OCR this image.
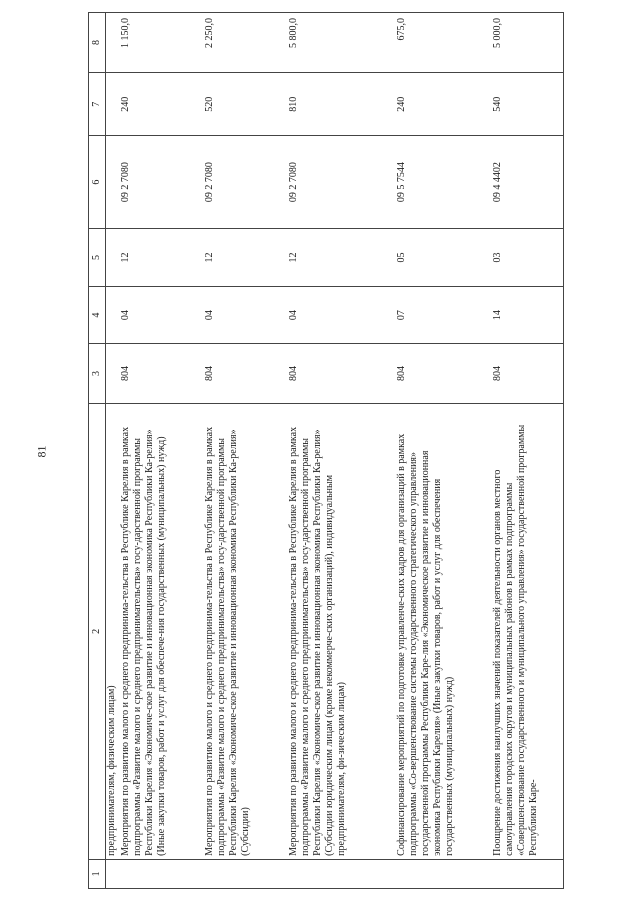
81
1	2	3	4	5	6	7	8
	предпринимателям, физическим лицам)						
	Мероприятия по развитию малого и среднего предпринима-тельства в Республике Карелия в рамках подпрограммы «Развитие малого и среднего предпринимательства» госу-дарственной программы Республики Карелия «Экономиче-ское развитие и инновационная экономика Республики Ка-релия» (Иные закупки товаров, работ и услуг для обеспече-ния государственных (муниципальных) нужд)	804	04	12	09 2 7080	240	1 150,0
	Мероприятия по развитию малого и среднего предпринима-тельства в Республике Карелия в рамках подпрограммы «Развитие малого и среднего предпринимательства» госу-дарственной программы Республики Карелия «Экономиче-ское развитие и инновационная экономика Республики Ка-релия» (Субсидии)	804	04	12	09 2 7080	520	2 250,0
	Мероприятия по развитию малого и среднего предпринима-тельства в Республике Карелия в рамках подпрограммы «Развитие малого и среднего предпринимательства» госу-дарственной программы Республики Карелия «Экономиче-ское развитие и инновационная экономика Республики Ка-релия» (Субсидии юридическим лицам (кроме некоммерче-ских организаций), индивидуальным предпринимателям, фи-зическим лицам)	804	04	12	09 2 7080	810	5 800,0
	Софинансирование мероприятий по подготовке управленче-ских кадров для организаций в рамках подпрограммы «Со-вершенствование системы государственного стратегического управления» государственной программы Республики Каре-лия «Экономическое развитие и инновационная экономика Республики Карелия» (Иные закупки товаров, работ и услуг для обеспечения государственных (муниципальных) нужд)	804	07	05	09 5 7544	240	675,0
	Поощрение достижения наилучших значений показателей деятельности органов местного самоуправления городских округов и муниципальных районов в рамках подпрограммы «Совершенствование государственного и муниципального управления» государственной программы Республики Каре-	804	14	03	09 4 4402	540	5 000,0
